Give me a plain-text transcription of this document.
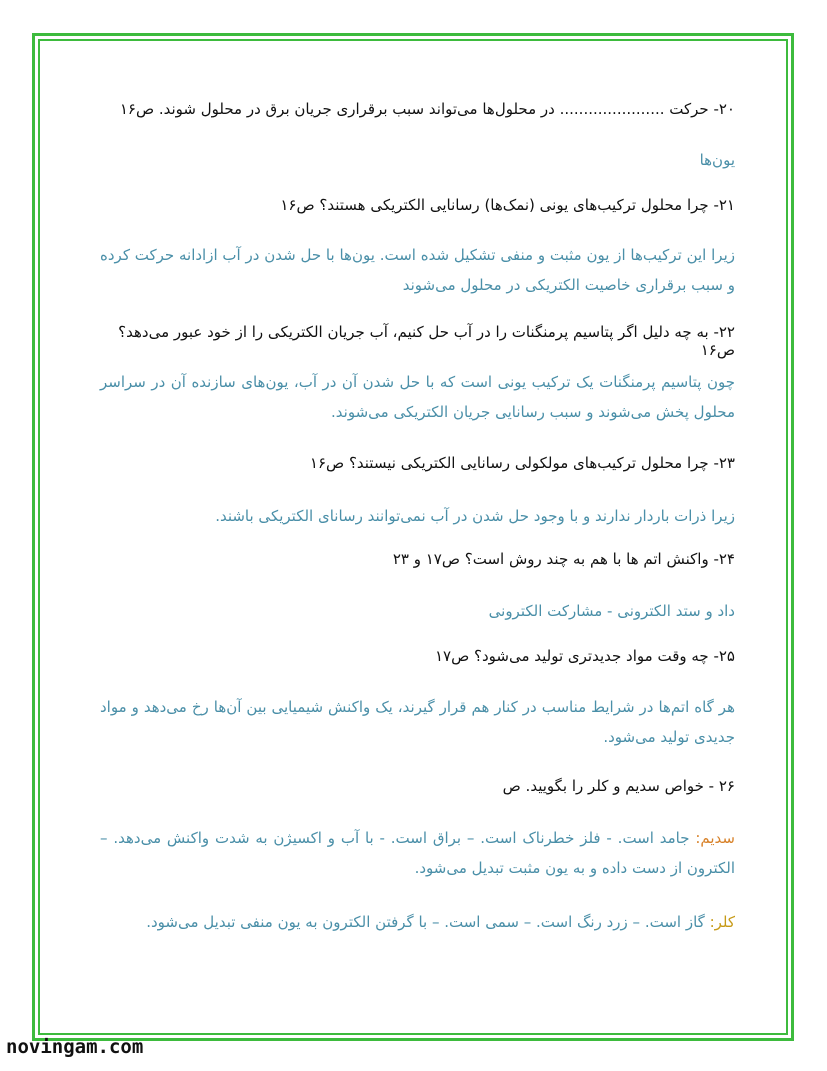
۲۰- حرکت ...................... در محلول‌ها می‌تواند سبب برقراری جریان برق در محلول شوند. ص۱۶

یون‌ها

۲۱- چرا محلول ترکیب‌های یونی (نمک‌ها) رسانایی الکتریکی هستند؟ ص۱۶

زیرا این ترکیب‌ها از یون مثبت و منفی تشکیل شده است. یون‌ها با حل شدن در آب ازادانه حرکت کرده و سبب برقراری خاصیت الکتریکی در محلول می‌شوند

۲۲- به چه دلیل اگر پتاسیم پرمنگنات را در آب حل کنیم، آب جریان الکتریکی را از خود عبور می‌دهد؟ ص۱۶

چون پتاسیم پرمنگنات یک ترکیب یونی است که با حل شدن آن در آب، یون‌های سازنده آن در سراسر محلول پخش می‌شوند و سبب رسانایی جریان الکتریکی می‌شوند.

۲۳- چرا محلول ترکیب‌های مولکولی رسانایی الکتریکی نیستند؟ ص۱۶

زیرا ذرات باردار ندارند و با وجود حل شدن در آب نمی‌توانند رسانای الکتریکی باشند.

۲۴- واکنش اتم ها با هم به چند روش است؟ ص۱۷ و ۲۳

داد و ستد الکترونی - مشارکت الکترونی

۲۵- چه وقت مواد جدیدتری تولید می‌شود؟ ص۱۷

هر گاه اتم‌ها در شرایط مناسب در کنار هم قرار گیرند، یک واکنش شیمیایی بین آن‌ها رخ می‌دهد و مواد جدیدی تولید می‌شود.

۲۶ - خواص سدیم و کلر را بگویید. ص

سدیم: جامد است. - فلز خطرناک است. – براق است. - با آب و اکسیژن به شدت واکنش می‌دهد. – الکترون از دست داده و به یون مثبت تبدیل می‌شود.

کلر: گاز است. – زرد رنگ است. – سمی است. – با گرفتن الکترون به یون منفی تبدیل می‌شود.

novingam.com
